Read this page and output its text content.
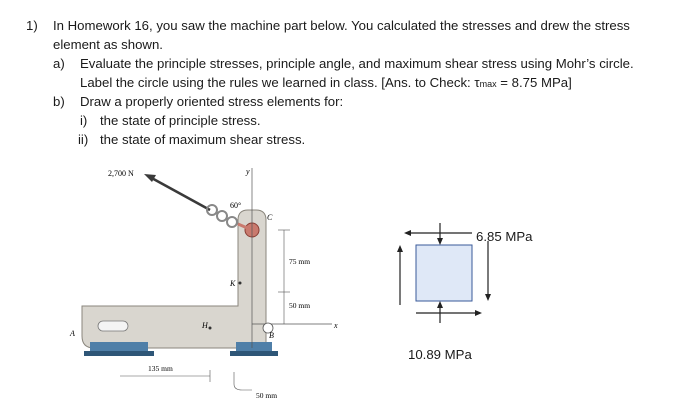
1) In Homework 16, you saw the machine part below. You calculated the stresses and drew the stress
element as shown.
a) Evaluate the principle stresses, principle angle, and maximum shear stress using Mohr’s circle.
Label the circle using the rules we learned in class. [Ans. to Check: τmax = 8.75 MPa]
b) Draw a properly oriented stress elements for:
i) the state of principle stress.
ii) the state of maximum shear stress.
2,700 N
60°
y
x
C
K
H
B
A
75 mm
50 mm
135 mm
50 mm
6.85 MPa
10.89 MPa
